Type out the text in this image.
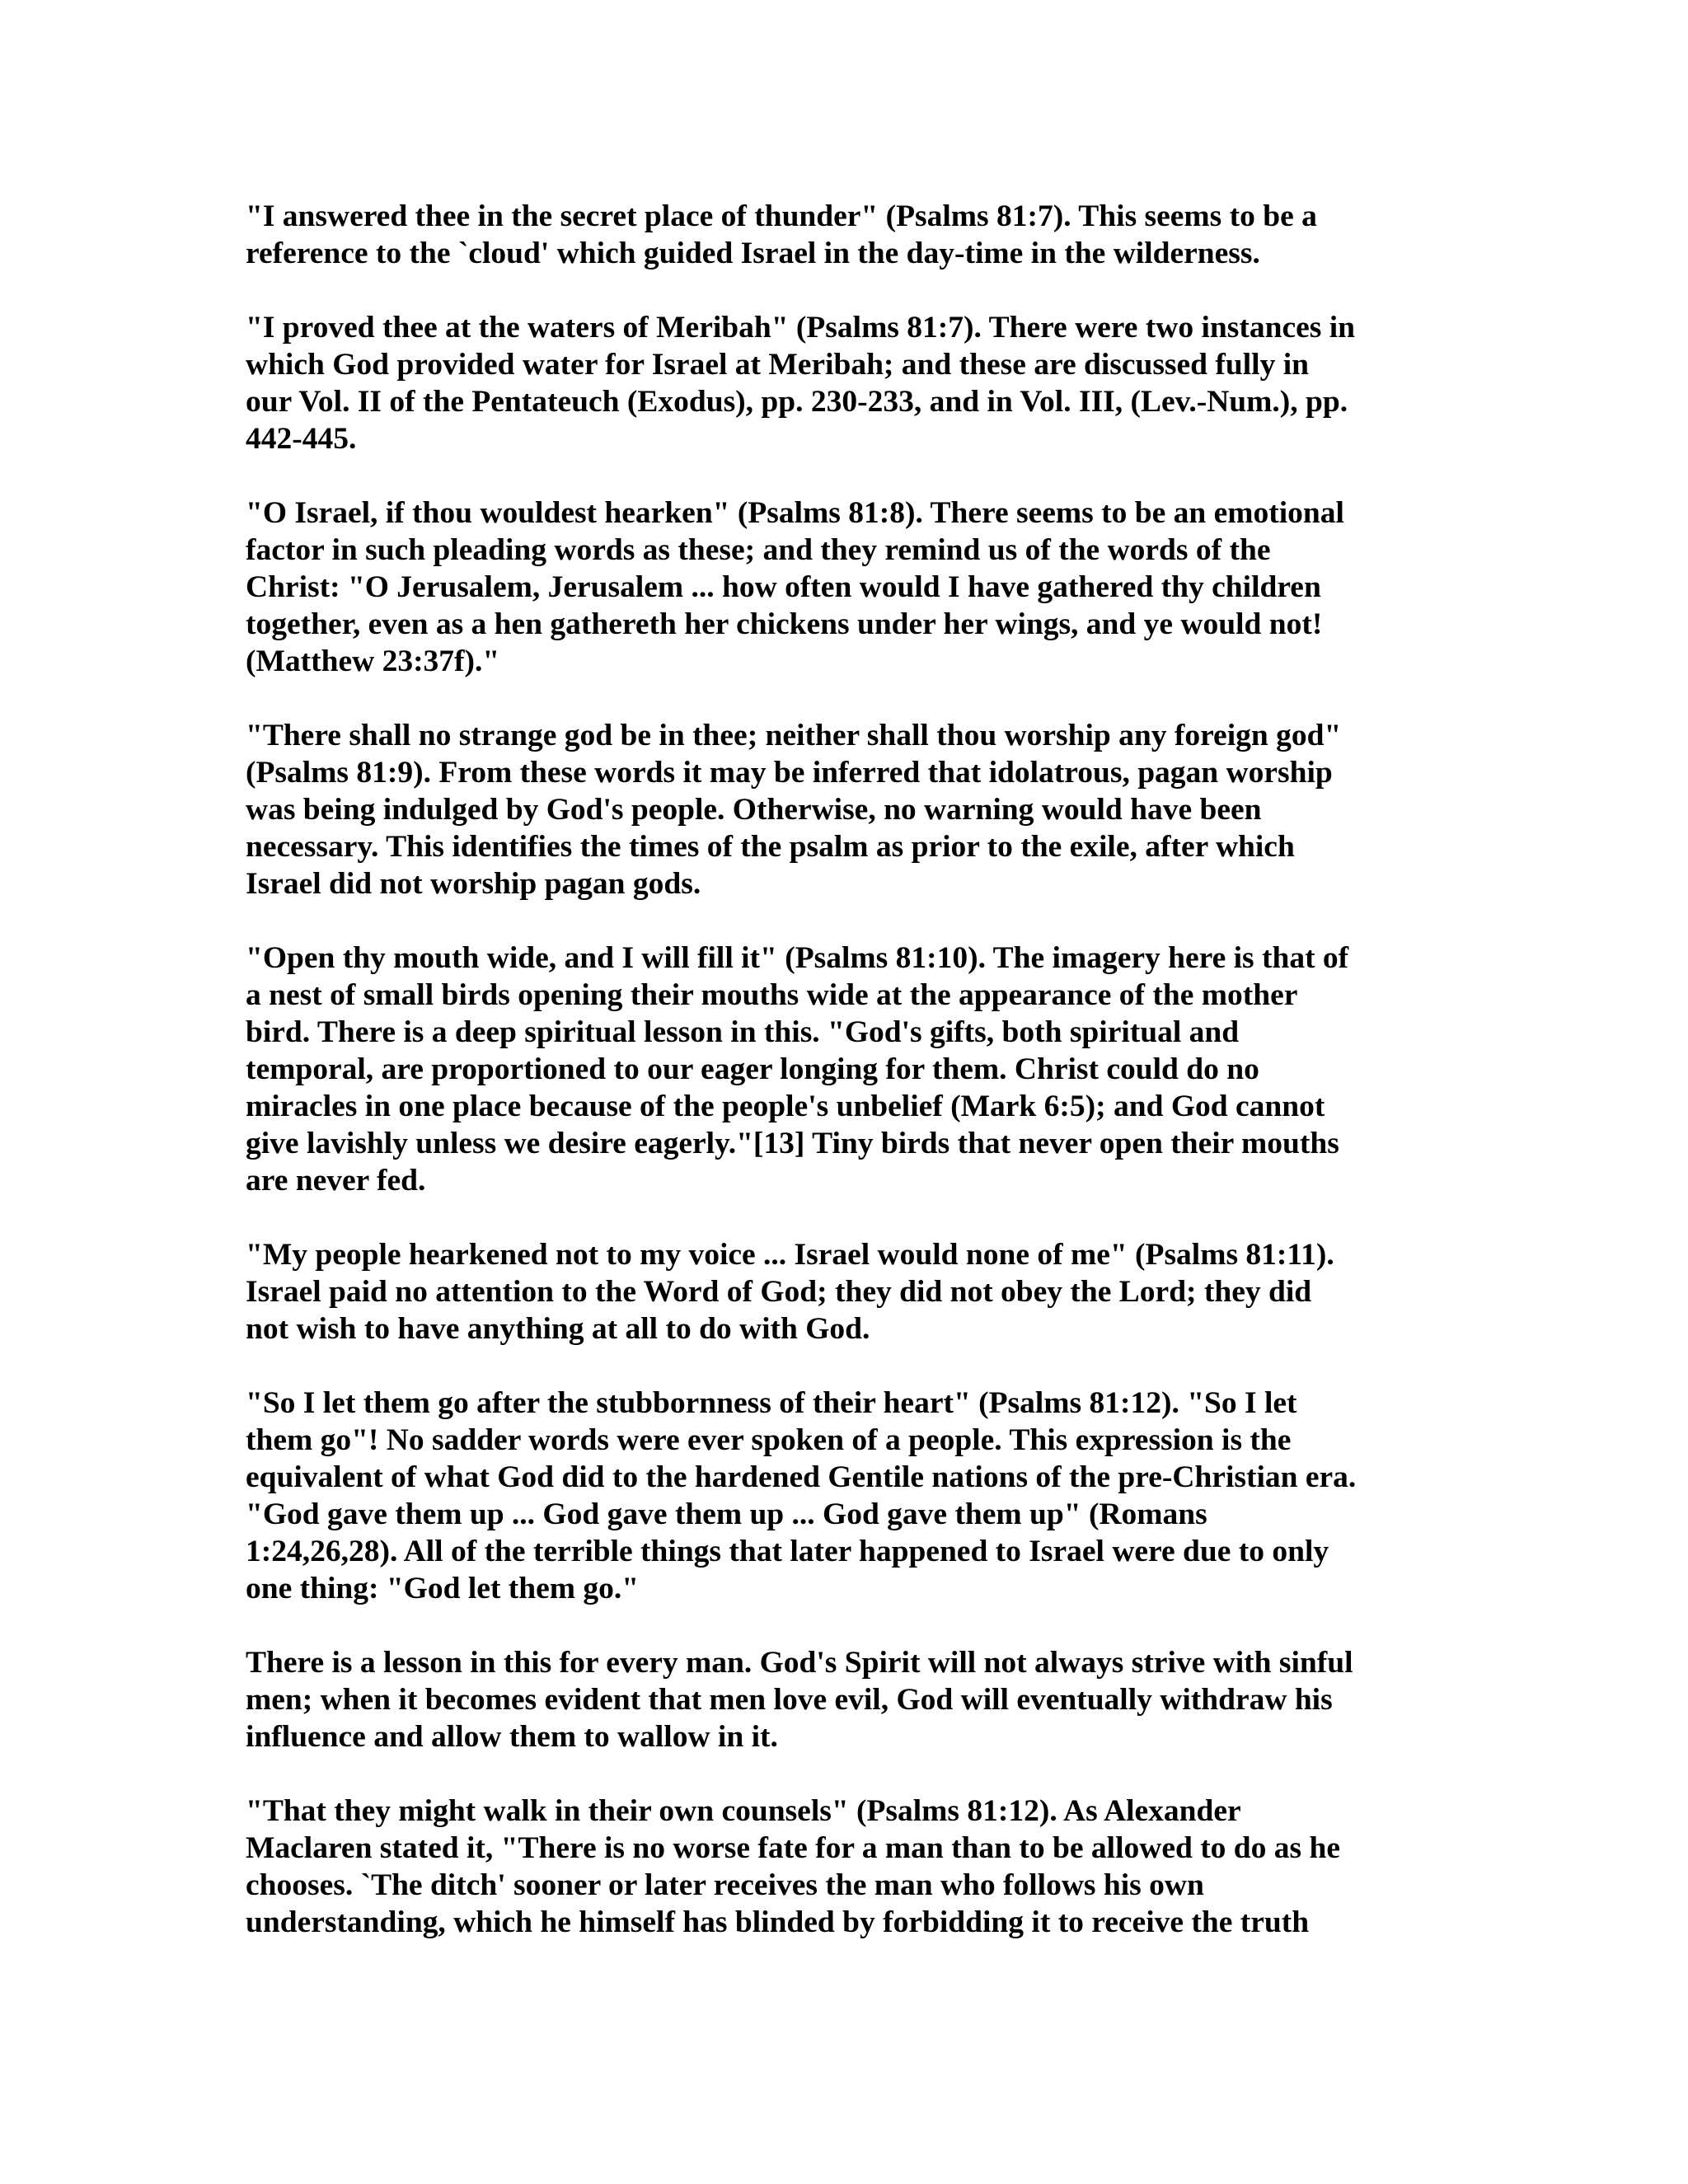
"I answered thee in the secret place of thunder" (Psalms 81:7). This seems to be a
reference to the `cloud' which guided Israel in the day-time in the wilderness.

"I proved thee at the waters of Meribah" (Psalms 81:7). There were two instances in
which God provided water for Israel at Meribah; and these are discussed fully in
our Vol. II of the Pentateuch (Exodus), pp. 230-233, and in Vol. III, (Lev.-Num.), pp.
442-445.

"O Israel, if thou wouldest hearken" (Psalms 81:8). There seems to be an emotional
factor in such pleading words as these; and they remind us of the words of the
Christ: "O Jerusalem, Jerusalem ... how often would I have gathered thy children
together, even as a hen gathereth her chickens under her wings, and ye would not!
(Matthew 23:37f)."

"There shall no strange god be in thee; neither shall thou worship any foreign god"
(Psalms 81:9). From these words it may be inferred that idolatrous, pagan worship
was being indulged by God's people. Otherwise, no warning would have been
necessary. This identifies the times of the psalm as prior to the exile, after which
Israel did not worship pagan gods.

"Open thy mouth wide, and I will fill it" (Psalms 81:10). The imagery here is that of
a nest of small birds opening their mouths wide at the appearance of the mother
bird. There is a deep spiritual lesson in this. "God's gifts, both spiritual and
temporal, are proportioned to our eager longing for them. Christ could do no
miracles in one place because of the people's unbelief (Mark 6:5); and God cannot
give lavishly unless we desire eagerly."[13] Tiny birds that never open their mouths
are never fed.

"My people hearkened not to my voice ... Israel would none of me" (Psalms 81:11).
Israel paid no attention to the Word of God; they did not obey the Lord; they did
not wish to have anything at all to do with God.

"So I let them go after the stubbornness of their heart" (Psalms 81:12). "So I let
them go"! No sadder words were ever spoken of a people. This expression is the
equivalent of what God did to the hardened Gentile nations of the pre-Christian era.
"God gave them up ... God gave them up ... God gave them up" (Romans
1:24,26,28). All of the terrible things that later happened to Israel were due to only
one thing: "God let them go."

There is a lesson in this for every man. God's Spirit will not always strive with sinful
men; when it becomes evident that men love evil, God will eventually withdraw his
influence and allow them to wallow in it.

"That they might walk in their own counsels" (Psalms 81:12). As Alexander
Maclaren stated it, "There is no worse fate for a man than to be allowed to do as he
chooses. `The ditch' sooner or later receives the man who follows his own
understanding, which he himself has blinded by forbidding it to receive the truth
